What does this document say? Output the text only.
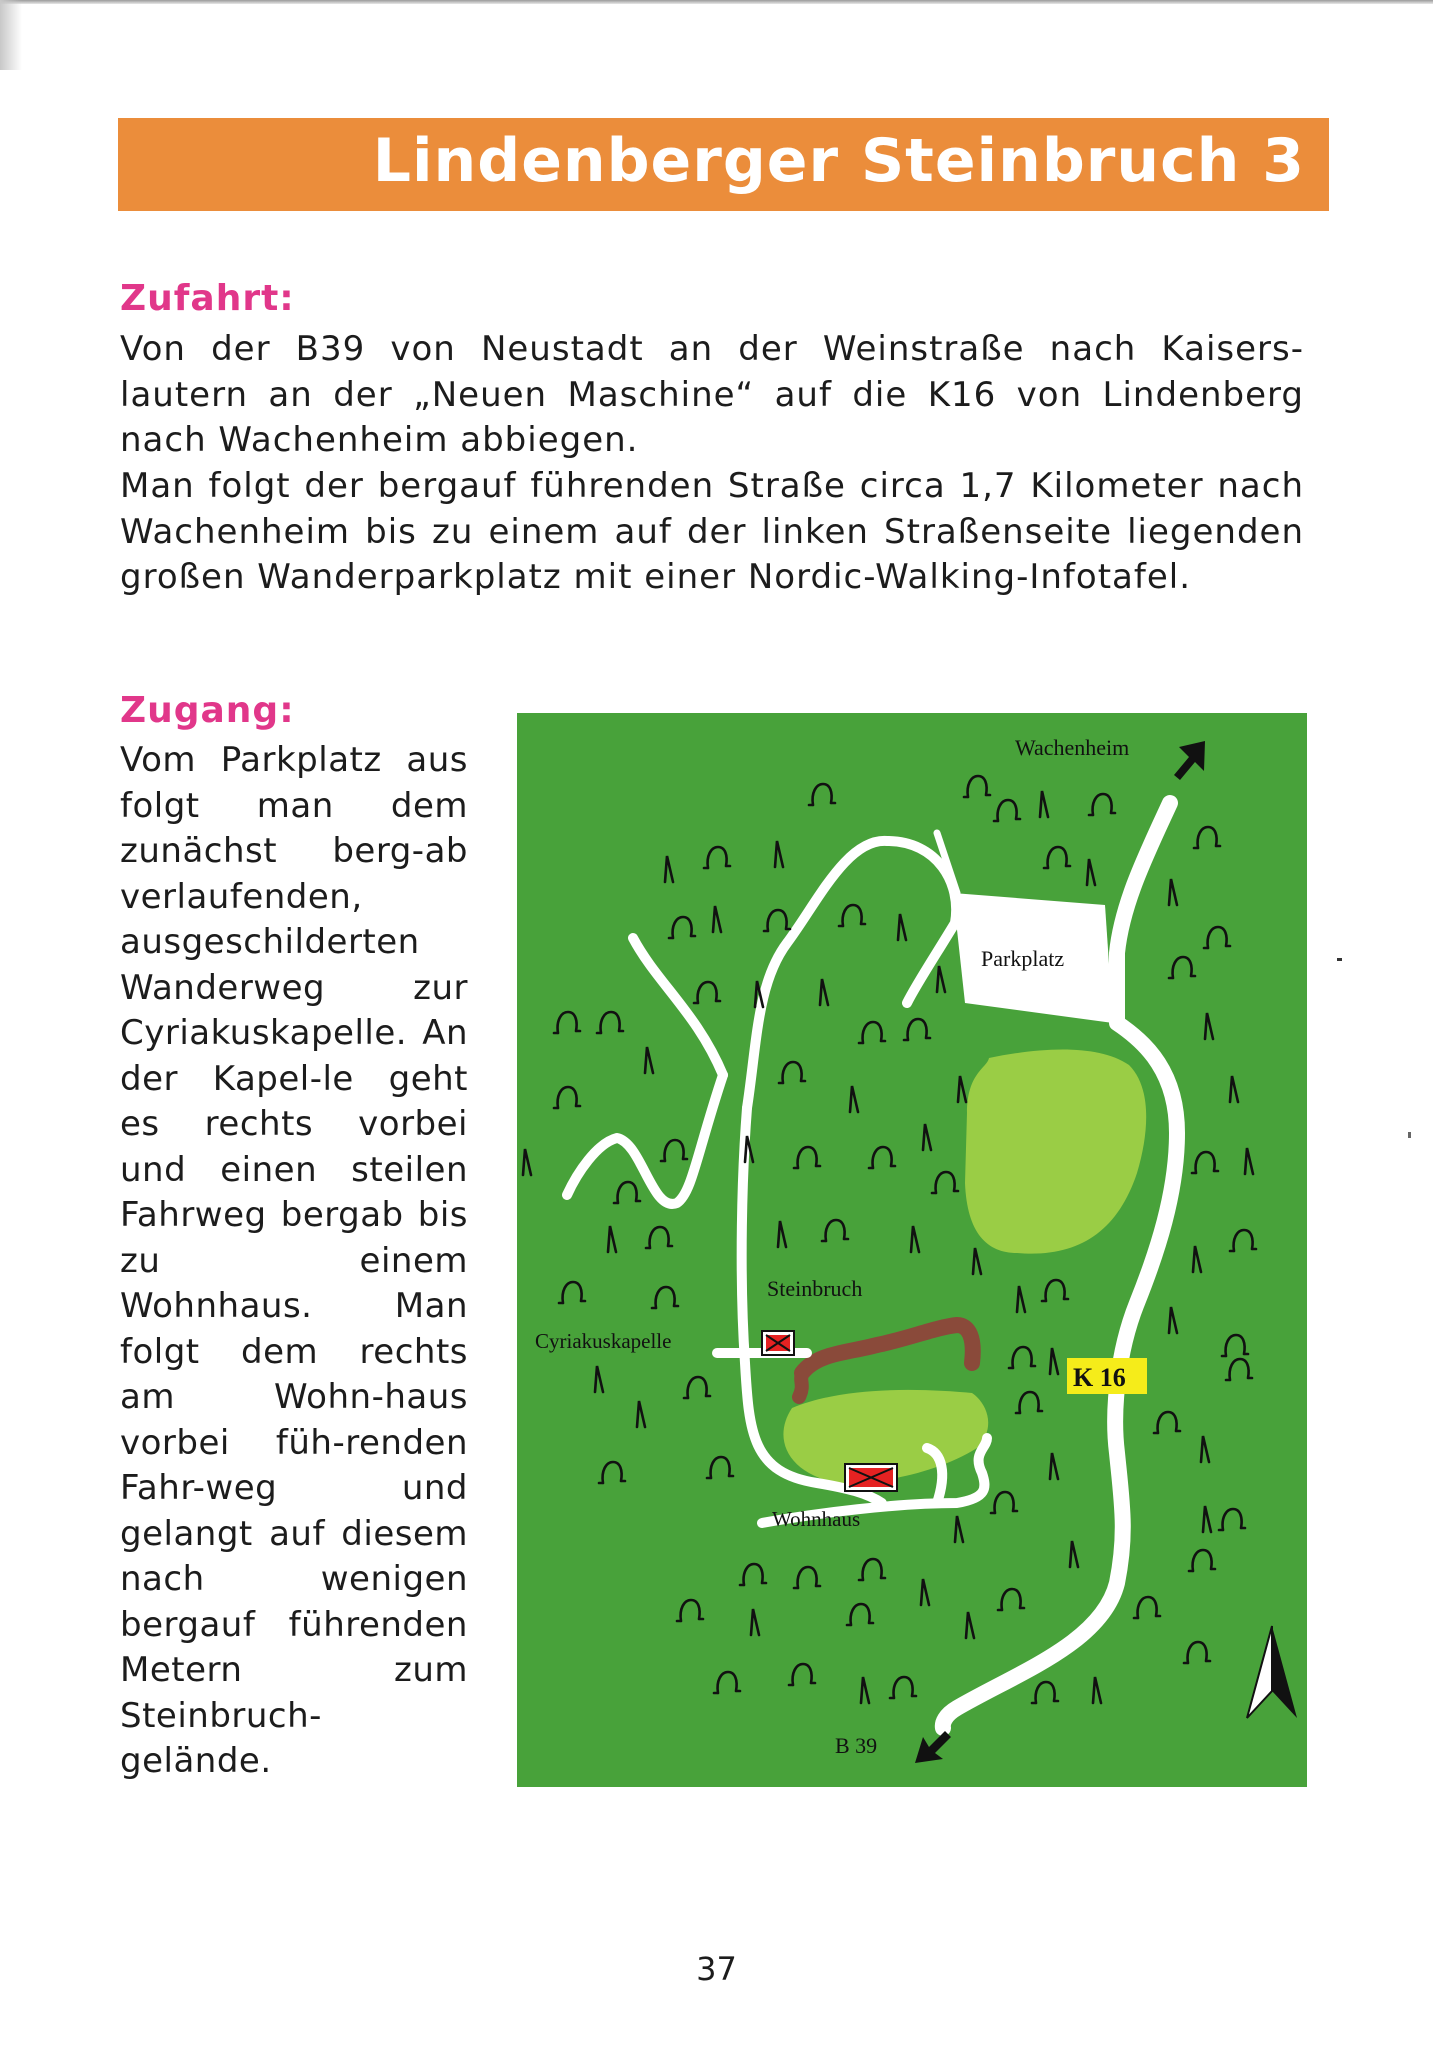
Lindenberger Steinbruch 3
Zufahrt:
Von der B39 von Neustadt an der Weinstraße nach Kaisers-lautern an der „Neuen Maschine“ auf die K16 von Lindenberg nach Wachenheim abbiegen.
Man folgt der bergauf führenden Straße circa 1,7 Kilometer nach Wachenheim bis zu einem auf der linken Straßenseite liegenden großen Wanderparkplatz mit einer Nordic-Walking-Infotafel.
Zugang:
Vom Parkplatz aus folgt man dem zunächst berg-ab verlaufenden, ausgeschilderten Wanderweg zur Cyriakuskapelle. An der Kapel-le geht es rechts vorbei und einen steilen Fahrweg bergab bis zu einem Wohnhaus. Man folgt dem rechts am Wohn-haus vorbei füh-renden Fahr-weg und gelangt auf diesem nach wenigen bergauf führenden Metern zum Steinbruch-gelände.
Wachenheim
Parkplatz
Steinbruch
Cyriakuskapelle
K 16
Wohnhaus
B 39
37
